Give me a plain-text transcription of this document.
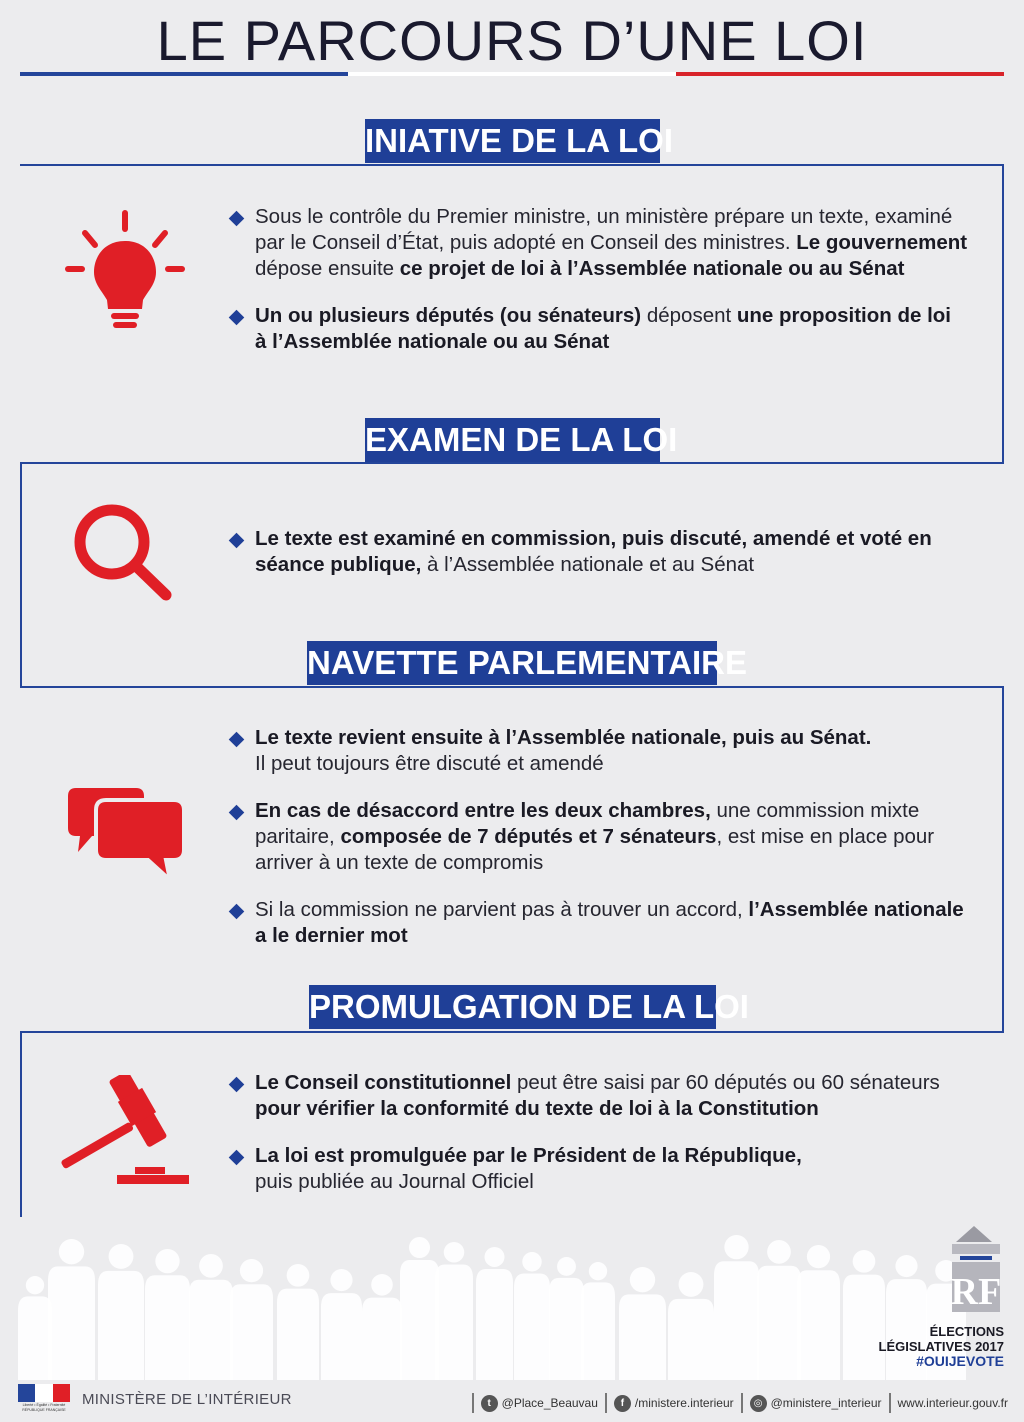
LE PARCOURS D’UNE LOI
INIATIVE DE LA LOI
EXAMEN DE LA LOI
NAVETTE PARLEMENTAIRE
PROMULGATION DE LA LOI
Sous le contrôle du Premier ministre, un ministère prépare un texte, examiné par le Conseil d’État, puis adopté en Conseil des ministres. Le gouvernement dépose ensuite ce projet de loi à l’Assemblée nationale ou au Sénat
Un ou plusieurs députés (ou sénateurs) déposent une proposition de loi à l’Assemblée nationale ou au Sénat
Le texte est examiné en commission, puis discuté, amendé et voté en séance publique, à l’Assemblée nationale et au Sénat
Le texte revient ensuite à l’Assemblée nationale, puis au Sénat.
Il peut toujours être discuté et amendé
En cas de désaccord entre les deux chambres, une commission mixte paritaire, composée de 7 députés et 7 sénateurs, est mise en place pour arriver à un texte de compromis
Si la commission ne parvient pas à trouver un accord, l’Assemblée nationale a le dernier mot
Le Conseil constitutionnel peut être saisi par 60 députés ou 60 sénateurs pour vérifier la conformité du texte de loi à la Constitution
La loi est promulguée par le Président de la République,
puis publiée au Journal Officiel
RF
ÉLECTIONS
LÉGISLATIVES 2017
#OUIJEVOTE
Liberté • Égalité • Fraternité RÉPUBLIQUE FRANÇAISE
MINISTÈRE DE L’INTÉRIEUR	t @Place_Beauvau	f /ministere.interieur	◎ @ministere_interieur www.interieur.gouv.fr
